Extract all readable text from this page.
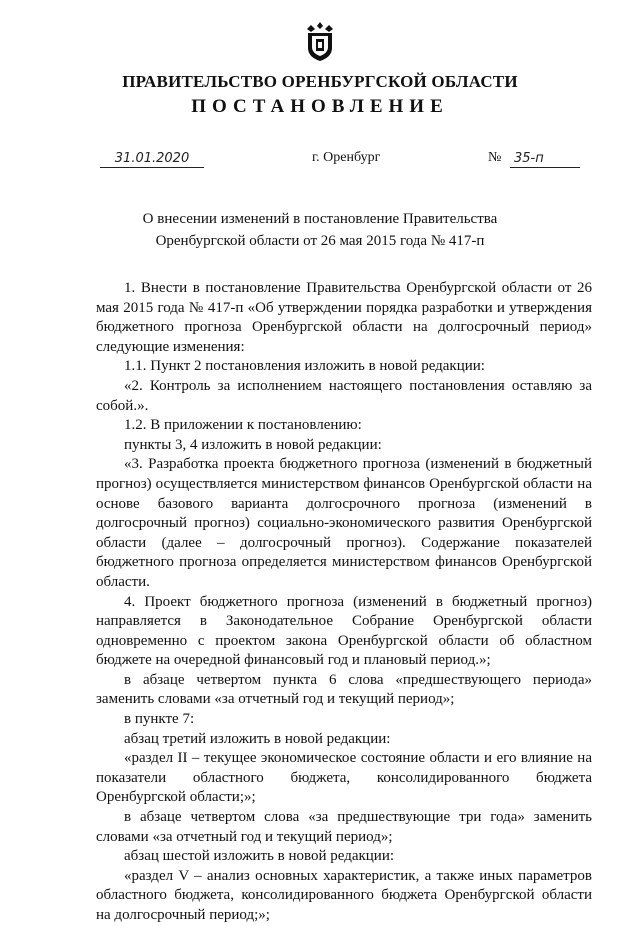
ПРАВИТЕЛЬСТВО ОРЕНБУРГСКОЙ ОБЛАСТИ
ПОСТАНОВЛЕНИЕ
31.01.2020	г. Оренбург	№ 35-п
О внесении изменений в постановление Правительства
Оренбургской области от 26 мая 2015 года № 417-п

1. Внести в постановление Правительства Оренбургской области от 26 мая 2015 года № 417-п «Об утверждении порядка разработки и утверждения бюджетного прогноза Оренбургской области на долгосрочный период» следующие изменения:

1.1. Пункт 2 постановления изложить в новой редакции:

«2. Контроль за исполнением настоящего постановления оставляю за собой.».

1.2. В приложении к постановлению:

пункты 3, 4 изложить в новой редакции:

«3. Разработка проекта бюджетного прогноза (изменений в бюджетный прогноз) осуществляется министерством финансов Оренбургской области на основе базового варианта долгосрочного прогноза (изменений в долгосрочный прогноз) социально-экономического развития Оренбургской области (далее – долгосрочный прогноз). Содержание показателей бюджетного прогноза определяется министерством финансов Оренбургской области.

4. Проект бюджетного прогноза (изменений в бюджетный прогноз) направляется в Законодательное Собрание Оренбургской области одновременно с проектом закона Оренбургской области об областном бюджете на очередной финансовый год и плановый период.»;

в абзаце четвертом пункта 6 слова «предшествующего периода» заменить словами «за отчетный год и текущий период»;

в пункте 7:

абзац третий изложить в новой редакции:

«раздел II – текущее экономическое состояние области и его влияние на показатели областного бюджета, консолидированного бюджета Оренбургской области;»;

в абзаце четвертом слова «за предшествующие три года» заменить словами «за отчетный год и текущий период»;

абзац шестой изложить в новой редакции:

«раздел V – анализ основных характеристик, а также иных параметров областного бюджета, консолидированного бюджета Оренбургской области на долгосрочный период;»;
